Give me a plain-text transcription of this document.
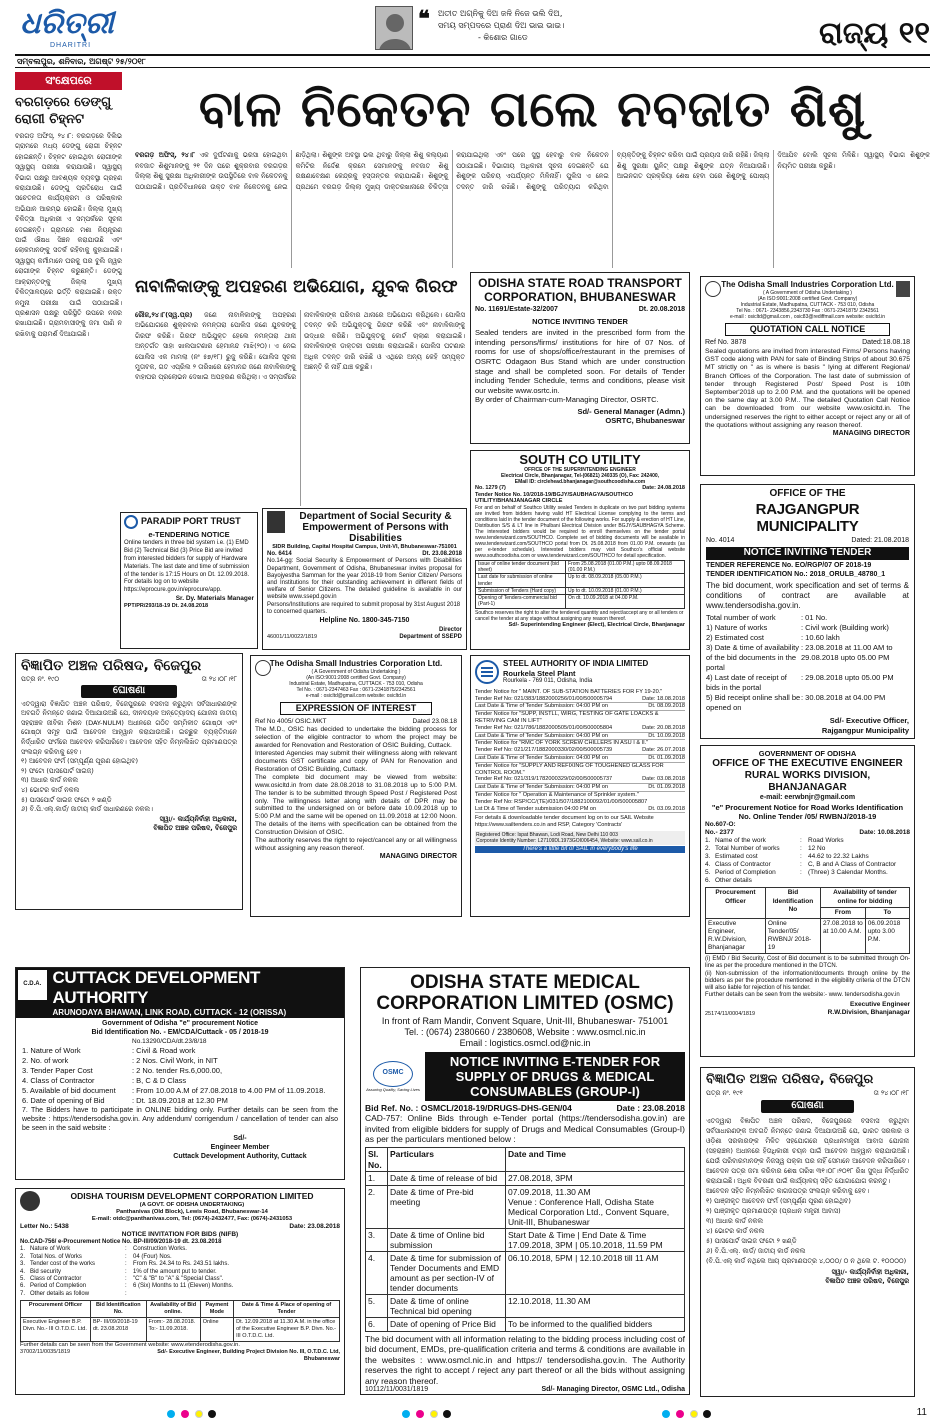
ଧରିତ୍ରୀ
DHARITRI
❝ ଅତୀତ ଅଗ୍ନିକୁ ଦିଅ ଜଳି ନିଜେ ଭଲି ଦିଅ,
ସମୟ ସମ୍ପଦରେ ପ୍ରାଣ ଦିଅ ଭାଇ ଭାଇ।
- କିଶୋର ଗାଡେ	ରାଜ୍ୟ ୧୧
ସମ୍ବଲପୁର, ଶନିବାର, ଅଗଷ୍ଟ ୨୫/୨୦୧୮
ସଂକ୍ଷେପରେ
ବରଗଡ଼ରେ ଡେଙ୍ଗୁ ରୋଗୀ ଚିହ୍ନଟ
ବରଗଡ଼ ଅଫିସ୍, ୨୪।୮: ବରଗଡ଼ରେ ଦିଲିଭ ଗ୍ରାମରେ ମଧ୍ୟ ଡେଙ୍ଗୁ ରୋଗୀ ଚିହ୍ନଟ ହୋଇଛନ୍ତି। ଚିହ୍ନଟ ହୋଇଥିବା ରୋଗୀଙ୍କ ସ୍ୱାସ୍ଥ୍ୟ ପରୀକ୍ଷା କରାଯାଉଛି। ସ୍ୱାସ୍ଥ୍ୟ ବିଭାଗ ପକ୍ଷରୁ ଆବଶ୍ୟକ ବ୍ୟବସ୍ଥା ଗ୍ରହଣ କରାଯାଉଛି। ଡେଙ୍ଗୁ ପ୍ରତିରୋଧ ପାଇଁ ସଚେତନତା କାର୍ଯ୍ୟକ୍ରମ ଓ ପରିଷ୍କାର ଅଭିଯାନ ଆରମ୍ଭ ହୋଇଛି। ଜିଲ୍ଲା ମୁଖ୍ୟ ଚିକିତ୍ସା ଅଧିକାରୀ ଏ ସମ୍ପର୍କରେ ସୂଚନା ଦେଇଛନ୍ତି। ଗ୍ରାମରେ ମଶା ନିୟନ୍ତ୍ରଣ ପାଇଁ ଔଷଧ ସିଞ୍ଚନ କରାଯାଉଛି ଏବଂ ଲୋକମାନଙ୍କୁ ସତର୍କ ରହିବାକୁ କୁହାଯାଇଛି। ସ୍ୱାସ୍ଥ୍ୟ କର୍ମୀମାନେ ଘରକୁ ଘର ବୁଲି ଜ୍ୱର ରୋଗୀଙ୍କ ଚିହ୍ନଟ କରୁଛନ୍ତି। ଡେଙ୍ଗୁ ଆକ୍ରାନ୍ତଙ୍କୁ ଜିଲ୍ଲା ମୁଖ୍ୟ ଚିକିତ୍ସାଳୟରେ ଭର୍ତ୍ତି କରାଯାଇଛି। ରକ୍ତ ନମୁନା ପରୀକ୍ଷା ପାଇଁ ପଠାଯାଇଛି। ପ୍ରଶାସନ ପକ୍ଷରୁ ପରିସ୍ଥିତି ଉପରେ ନଜର ରଖାଯାଇଛି। ଗ୍ରାମବାସୀଙ୍କୁ ଜମା ପାଣି ନ ରଖିବାକୁ ପରାମର୍ଶ ଦିଆଯାଇଛି।
ବାଳ ନିକେତନ ଗଲେ ନବଜାତ ଶିଶୁ
ବରଗଡ଼ ଅଫିସ୍, ୨୪।୮ ଏକ ଦୁର୍ଘଟଣାକୁ ଭରସା ହୋଇଥିବା ନବଜାତ ଶିଶୁମାନଙ୍କୁ ୨୧ ଦିନ ପରେ ଶୁକ୍ରବାର ବରଗଡ଼ର ଜିଲ୍ଲା ଶିଶୁ ସୁରକ୍ଷା ଅଧିକାରୀଙ୍କ ଉପସ୍ଥିତିରେ ବାଳ ନିକେତନକୁ ପଠାଯାଇଛି। ପ୍ରତିବିଧାନରେ ଉକ୍ତ ବାଳ ନିକେତନକୁ ନେଇ ଛାଡ଼ିଥିଲା। ଶିଶୁଙ୍କ ଅବସ୍ଥା ଭଲ ଥିବାରୁ ଜିଲ୍ଲା ଶିଶୁ କଲ୍ୟାଣ କମିଟିର ନିର୍ଦ୍ଦେଶ କ୍ରମେ ସେମାନଙ୍କୁ ନବଜାତ ଶିଶୁ ରକ୍ଷଣାବେକ୍ଷଣ କେନ୍ଦ୍ରକୁ ହସ୍ତାନ୍ତର କରାଯାଇଛି। ଶିଶୁଙ୍କୁ ପ୍ରଥମେ ବରଗଡ଼ ଜିଲ୍ଲା ମୁଖ୍ୟ ଡାକ୍ତରଖାନାରେ ଚିକିତ୍ସା କରାଯାଇଥିଲା ଏବଂ ପରେ ସୁସ୍ଥ ହେବାରୁ ବାଳ ନିକେତନ ପଠାଯାଇଛି। ବିଭାଗୀୟ ଅଧିକାରୀ ସୂଚନା ଦେଇଛନ୍ତି ଯେ ଶିଶୁଙ୍କ ପରିଚୟ ଏପର୍ଯ୍ୟନ୍ତ ମିଳିନାହିଁ। ପୁଲିସ ଏ ନେଇ ତଦନ୍ତ ଜାରି ରଖିଛି। ଶିଶୁଙ୍କୁ ପରିତ୍ୟାଗ କରିଥିବା ବ୍ୟକ୍ତିଙ୍କୁ ଚିହ୍ନଟ କରିବା ପାଇଁ ପ୍ରୟାସ ଜାରି ରହିଛି। ଜିଲ୍ଲା ଶିଶୁ ସୁରକ୍ଷା ୟୁନିଟ୍ ପକ୍ଷରୁ ଶିଶୁଙ୍କ ଯତ୍ନ ନିଆଯାଉଛି। ଆଇନଗତ ପ୍ରକ୍ରିୟା ଶେଷ ହେବା ପରେ ଶିଶୁଙ୍କୁ ପୋଷ୍ୟ ଦିଆଯିବ ବୋଲି ସୂଚନା ମିଳିଛି। ସ୍ୱାସ୍ଥ୍ୟ ବିଭାଗ ଶିଶୁଙ୍କ ନିୟମିତ ପରୀକ୍ଷା କରୁଛି।
ନାବାଳିକାଙ୍କୁ ଅପହରଣ ଅଭିଯୋଗ, ଯୁବକ ଗିରଫ
ରୌଜ,୨୪।୮(ସ୍ୱ.ପ୍ର) ଜଣେ ନାବାଳିକାଙ୍କୁ ଅପହରଣ ଅଭିଯୋଗରେ ଶୁକ୍ରବାର ନମନ୍ତାରା ପୋଲିସ ଜଣେ ଯୁବକଙ୍କୁ ଗିରଫ କରିଛି। ଗିରଫ ଅଭିଯୁକ୍ତ ହେଲେ ନମନ୍ତାରା ଥାନା ଅନ୍ତର୍ଗତ ସାହା ଖାଲପାଟଣାର ହେମାନନ୍ଦ ମାଝି(୨୦)। ଏ ନେଇ ପୋଲିସ ଏକ ମାମଲା (ନଂ ୫୭/୧୮) ରୁଜୁ କରିଛି। ପୋଲିସ ସୂଚନା ମୁତାବକ, ଗତ ଏପ୍ରିଲ ୨ ତାରିଖରେ ହେମାନନ୍ଦ ଜଣେ ନାବାଳିକାଙ୍କୁ ବାହାଘର ପ୍ରଲୋଭନ ଦେଖାଇ ଅପହରଣ କରିଥିଲା। ଏ ସମ୍ପର୍କରେ ନାବାଳିକାଙ୍କ ପରିବାର ଥାନାରେ ଅଭିଯୋଗ କରିଥିଲେ। ପୋଲିସ ତଦନ୍ତ କରି ଅଭିଯୁକ୍ତକୁ ଗିରଫ କରିଛି ଏବଂ ନାବାଳିକାଙ୍କୁ ଉଦ୍ଧାର କରିଛି। ଅଭିଯୁକ୍ତକୁ କୋର୍ଟ ଚାଲାଣ କରାଯାଇଛି। ନାବାଳିକାଙ୍କ ଡାକ୍ତରୀ ପରୀକ୍ଷା କରାଯାଇଛି। ପୋଲିସ ଘଟଣାର ଅଧିକ ତଦନ୍ତ ଜାରି ରଖିଛି ଓ ଏଥିରେ ଅନ୍ୟ କେହି ସମ୍ପୃକ୍ତ ଅଛନ୍ତି କି ନାହିଁ ଯାଞ୍ଚ କରୁଛି।
ODISHA STATE ROAD TRANSPORT CORPORATION, BHUBANESWAR
No. 11691/Estate-32/2007	Dt. 20.08.2018
NOTICE INVITING TENDER
Sealed tenders are invited in the prescribed form from the intending persons/firms/ institutions for hire of 07 Nos. of rooms for use of shops/office/restaurant in the premises of OSRTC Odagaon Bus Stand which are under construction stage and shall be completed soon. For details of Tender including Tender Schedule, terms and conditions, please visit our website www.osrtc.in.
By order of Chairman-cum-Managing Director, OSRTC.
Sd/- General Manager (Admn.)
OSRTC, Bhubaneswar
The Odisha Small Industries Corporation Ltd.
( A Government of Odisha Undertaking )
(An ISO:9001:2008 certified Govt. Company)
Industrial Estate, Madhupatna, CUTTACK - 753 010, Odisha
Tel No. : 0671- 2343856,2343730 Fax : 0671-2341875/ 2342561
e-mail : osicltd@gmail.com , osic83@rediffmail.com website: osicltd.in
QUOTATION CALL NOTICE
Ref No. 3878	Dated:18.08.18
Sealed quotations are invited from interested Firms/ Persons having GST code along with PAN for sale of Binding Strips of about 30.675 MT strictly on " as is where is basis " lying at different Regional/ Branch Offices of the Corporation. The last date of submission of tender through Registered Post/ Speed Post is 10th September'2018 up to 2.00 P.M. and the quotations will be opened on the same day at 3.00 P.M.. The detailed Quotation Call Notice can be downloaded from our website www.osicltd.in. The undersigned reserves the right to either accept or reject any or all of the quotations without assigning any reason thereof.
MANAGING DIRECTOR
SOUTH CO UTILITY
OFFICE OF THE SUPERINTENDING ENGINEER
Electrical Circle, Bhanjanagar, Tel-(06821) 240335 (O), Fax: 242400,
EMail ID: circlehead.bhanjanagar@southcoodisha.com
No. 1279 (7)	Date: 24.08.2018
Tender Notice No. 10/2018-19/BGJY/SAUBHAGYA/SOUTHCO UTILITY/BHANJANAGAR CIRCLE
For and on behalf of Southco Utility sealed Tenders in duplicate on two part bidding systems are invited from bidders having valid HT Electrical License complying to the terms and conditions laid in the tender document of the following works. For supply & erection of HT Line, Distribution S/S & LT line in Phulbani Electrical Division under BGJY/SAUBHAGYA Scheme. The interested bidders would be required to enroll themselves on the tender portal www.tenderwizard.com/SOUTHCO. Complete set of bidding documents will be available in www.tenderwizard.com/SOUTHCO portal from Dt. 25.08.2018 from 01.00 P.M. onwards (as per e-tender schedule). Interested bidders may visit Southco's official website www.southcoodisha.com or www.tenderwizard.com/SOUTHCO for detail specification.
Issue of online tender document (bid sheet)	From 25.08.2018 (01.00 P.M.) upto 08.09.2018 (01.00 P.M.)
Last date for submission of online tender	Up to dt. 08.09.2018 (05.00 P.M.)
Submission of Tenders (Hard copy)	Up to dt. 10.09.2018 (01.00 P.M.)
Opening of Tenders-commercial bid (Part-1)	On dt. 10.09.2018 at 04.00 P.M.
Southco reserves the right to alter the tendered quantity and reject/accept any or all tenders or cancel the tender at any stage without assigning any reason thereof.
Sd/- Superintending Engineer (Elect), Electrical Circle, Bhanjanagar
OFFICE OF THE
RAJGANGPUR MUNICIPALITY
No. 4014	Dated: 21.08.2018
NOTICE INVITING TENDER
TENDER REFERENCE No. EO/RGP/07 OF 2018-19
TENDER IDENTIFICATION No.: 2018_ORULB_48780_1
The bid document, work specification and set of terms & conditions of contract are available at www.tendersodisha.gov.in.
Total number of work	: 01 No.
1) Nature of works	: Civil work (Building work)
2) Estimated cost	: 10.60 lakh
3) Date & time of availability of the bid documents in the portal
: 23.08.2018 at 11.00 AM to 29.08.2018 upto 05.00 PM
4) Last date of receipt of bids in the portal
: 29.08.2018 upto 05.00 PM
5) Bid receipt online shall be opened on
: 30.08.2018 at 04.00 PM
Sd/- Executive Officer,
Rajgangpur Municipality
PARADIP PORT TRUST
e-TENDERING NOTICE
Online tenders in three bid system i.e. (1) EMD Bid (2) Technical Bid (3) Price Bid are invited from interested bidders for supply of Hardware Materials. The last date and time of submission of the tender is 17:15 Hours on Dt. 12.09.2018. For details log on to website https://eprocure.gov.in/eprocure/app.
Sr. Dy. Materials Manager
PPT/PR/293/18-19 Dt. 24.08.2018
Department of Social Security & Empowerment of Persons with Disabilities
SIDR Building, Capital Hospital Campus, Unit-VI, Bhubaneswar-751001
No. 6414	Dt. 23.08.2018
No.14-gg: Social Security & Empowerment of Persons with Disabilities Department, Government of Odisha, Bhubaneswar invites proposal for Bayojyestha Samman for the year 2018-19 from Senior Citizen/ Persons and Institutions for their outstanding achievement in different fields of welfare of Senior Citizens. The detailed guideline is available in our website www.ssepd.gov.in
Persons/Institutions are required to submit proposal by 31st August 2018 to concerned quarters.
Helpline No. 1800-345-7150
46001/11/0022/1819
Director
Department of SSEPD
ବିଜ୍ଞାପିତ ଅଞ୍ଚଳ ପରିଷଦ, ବିଜେପୁର
ପତ୍ର ନଂ. ୧୯୦	ତା ୨୪।୦୮।୧୮
ଘୋଷଣା
ଏତଦ୍ୱାରା ବିଜ୍ଞାପିତ ଅଞ୍ଚଳ ପରିଷଦ, ବିଜେପୁରରେ ବସବାସ କରୁଥିବା ସର୍ବସାଧାରଣଙ୍କ ଅବଗତି ନିମନ୍ତେ ଜଣାଇ ଦିଆଯାଉଅଛି ଯେ, ଦୀନଦୟାଳ ଅନ୍ତ୍ୟୋଦୟ ଯୋଜନା ଜାତୀୟ ସହରାଞ୍ଚଳ ଜୀବିକା ମିଶନ (DAY-NULM) ଅଧୀନରେ ଗଠିତ ସମ୍ମିଳୀତ ଗୋଷ୍ଠୀ ଏବଂ ଗୋଷ୍ଠୀ ସମୂହ ପାଇଁ ଆବେଦନ ଆହ୍ୱାନ କରାଯାଉଅଛି। ଇଚ୍ଛୁକ ବ୍ୟକ୍ତିମାନେ ନିର୍ଦ୍ଧାରିତ ଫର୍ମରେ ଆବେଦନ କରିପାରିବେ। ଆବେଦନ ସହିତ ନିମ୍ନଲିଖିତ ପ୍ରମାଣପତ୍ର ସଂଲଗ୍ନ କରିବାକୁ ହେବ।
୧) ଆବେଦନ ଫର୍ମ (ସମ୍ପୂର୍ଣ୍ଣ ପୂରଣ ହୋଇଥିବ)
୨) ଫଟୋ (ପାସପୋର୍ଟ ସାଇଜ୍)
୩) ଆଧାର କାର୍ଡ ନକଲ
୪) ଭୋଟର କାର୍ଡ ନକଲ
୫) ପାସପୋର୍ଟ ସାଇଜ ଫଟୋ ୨ ଖଣ୍ଡି
୬) ବି.ପି.ଏଲ୍.କାର୍ଡ/ ଜାତୀୟ କାର୍ଡ ସାଧାରଣରେ ନକଲ।
ସ୍ୱା/- କାର୍ଯ୍ୟନିର୍ବାହୀ ଅଧିକାରୀ,
ବିଜ୍ଞାପିତ ଅଞ୍ଚଳ ପରିଷଦ, ବିଜେପୁର
The Odisha Small Industries Corporation Ltd.
( A Government of Odisha Undertaking )
(An ISO:9001:2008 certified Govt. Company)
Industrial Estate, Madhupatna, CUTTACK - 753 010, Odisha
Tel No. : 0671-2347463 Fax : 0671-2341875/2342561
e-mail : osicltd@gmail.com website: osicltd.in
EXPRESSION OF INTEREST
Ref No 4005/ OSIC.MKT	Dated 23.08.18
The M.D., OSIC has decided to undertake the bidding process for selection of the eligible contractor to whom the project may be awarded for Renovation and Restoration of OSIC Building, Cuttack.
Interested Agencies may submit their willingness along with relevant documents GST certificate and copy of PAN for Renovation and Restoration of OSIC Building, Cuttack.
The complete bid document may be viewed from website: www.osicltd.in from date 28.08.2018 to 31.08.2018 up to 5:00 P.M. The tender is to be submitted through Speed Post / Registered Post only. The willingness letter along with details of DPR may be submitted to the undersigned on or before date 10.09.2018 up to 5:00 P.M and the same will be opened on 11.09.2018 at 12:00 Noon. The details of the items with specification can be obtained from the Construction Division of OSIC.
The authority reserves the right to reject/cancel any or all willingness without assigning any reason thereof.
MANAGING DIRECTOR
STEEL AUTHORITY OF INDIA LIMITED
Rourkela Steel Plant
Rourkela - 769 011, Odisha, India
Tender Notice for " MAINT. OF SUB-STATION BATTERIES FOR FY 19-20."
Tender Ref No: 021/383/1882000256/01/00/500005794	Date: 18.08.2018
Last Date & Time of Tender Submission: 04:00 PM on	Dt. 08.09.2018
Tender Notice for "SUPP, INSTLL, WIRG, TESTING OF GATE LOACKS & RETRIVING CAM IN LIFT"
Tender Ref No: 021/786/1882000505/01/00/500005804	Date: 20.08.2018
Last Date & Time of Tender Submission: 04:00 PM on	Dt. 10.09.2018
Tender Notice for "RMC OF YORK SCREW CHILLERS IN ASU I & II."
Tender Ref No: 021/217/1882000330/02/00/500005739	Date: 26.07.2018
Last Date & Time of Tender Submission: 04:00 PM on	Dt. 01.09.2018
Tender Notice for "SUPPLY AND REFIXING OF TOUGHENED GLASS FOR CONTROL ROOM."
Tender Ref No: 021/319/1782000329/02/00/500005737	Date: 03.08.2018
Last Date & Time of Tender Submission: 04:00 PM on	Dt. 01.09.2018
Tender Notice for " Operation & Maintenance of Sprinkler system."
Tender Ref No: RSP/CC/(TE)/031/507/1882100092/01/00/500005807
Lst Dt & Time of Tender submission 04:00 PM on	Dt. 03.09.2018
For details & downloadable tender document log on to our SAIL Website https://www.sailtenders.co.in and RSP, Category 'Contracts'
Registered Office: Ispat Bhawan, Lodi Road, New Delhi 110 003
Corporate Identity Number: L27109DL1973GOI006454, Website: www.sail.co.in
There's a little bit of SAIL in everybody's life
GOVERNMENT OF ODISHA
OFFICE OF THE EXECUTIVE ENGINEER RURAL WORKS DIVISION, BHANJANAGAR
e-mail: eerwbnjr@gmail.com
"e" Procurement Notice for Road Works Identification No. Online Tender /05/ RWBNJ/2018-19
No.607-O:
No.- 2377	Date: 10.08.2018
1. Name of the work	: Road Works
2. Total Number of works	: 12 No
3. Estimated cost	: 44.62 to 22.32 Lakhs
4. Class of Contractor	: C, B and A Class of Contractor
5. Period of Completion	: (Three) 3 Calendar Months.
6. Other details
Procurement Officer	Bid Identification No	Availability of tender online for bidding	
		From	To
Executive Engineer, R.W.Division, Bhanjanagar	Online Tender/05/ RWBNJ/ 2018-19	27.08.2018 to at 10.00 A.M.	06.09.2018 upto 3.00 P.M.
(i) EMD / Bid Security, Cost of Bid document is to be submitted through On-line as per the procedure mentioned in the DTCN.
(ii) Non-submission of the information/documents through online by the bidders as per the procedure mentioned in the eligibility criteria of the DTCN will also liable for rejection of his tender.
Further details can be seen from the website:- www. tendersodisha.gov.in
25174/11/0004/1819
Executive Engineer
R.W.Division, Bhanjanagar
C.D.A. CUTTACK DEVELOPMENT AUTHORITY
ARUNODAYA BHAWAN, LINK ROAD, CUTTACK - 12 (ORISSA)
Government of Odisha "e" procurement Notice
Bid Identification No. - EM/CDA/Cuttack - 05 / 2018-19
No.13290/CDA/dt.23/8/18
1. Nature of Work	: Civil & Road work
2. No. of work	: 2 Nos. Civil Work, in NIT
3. Tender Paper Cost	: 2 No. tender Rs.6,000.00,
4. Class of Contractor	: B, C & D Class
5. Available of bid document	: From 10.00 A.M of 27.08.2018 to 4.00 PM of 11.09.2018.
6. Date of opening of Bid	: Dt. 18.09.2018 at 12.30 PM
7. The Bidders have to participate in ONLINE bidding only. Further details can be seen from the website : https://tendersodisha.gov.in. Any addendum/ corrigendum / cancellation of tender can also be seen in the said website :
Sd/-
Engineer Member
Cuttack Development Authority, Cuttack
ODISHA TOURISM DEVELOPMENT CORPORATION LIMITED
(A GOVT. OF ODISHA UNDERTAKING)
Panthanivas (Old Block), Lewis Road, Bhubaneswar-14
E-mail: otdc@panthanivas.com, Tel: (0674)-2432477, Fax: (0674)-2431053
Letter No.: 5438	Date: 23.08.2018
NOTICE INVITATION FOR BIDS (NIFB)
No.CAD-756/ e-Procurement Notice No. BP-III/09/2018-19 dt. 23.08.2018
1. Nature of Work	:	Construction Works.
2. Total Nos. of Works	:	04 (Four) Nos.
3. Tender cost of the works	:	From Rs. 24.34 to Rs. 243.51 lakhs.
4. Bid security	:	1% of the amount put to tender.
5. Class of Contractor	:	"C" & "B" to "A" & "Special Class".
6. Period of Completion	:	6 (Six) Months to 11 (Eleven) Months.
7. Other details as follow	:
Procurement Officer	Bid Identification No.	Availability of Bid online.	Payment Mode	Date & Time & Place of opening of Tender
Executive Engineer B.P. Divn. No.- III O.T.D.C. Ltd.	BP- III/09/2018-19 dt. 23.08.2018	From:- 28.08.2018. To:- 11.09.2018.	Online	Dt. 12.09.2018 at 11.30 A.M. in the office of the Executive Engineer B.P. Divn. No.- III O.T.D.C. Ltd.
Further details can be seen from the Government website: www.etenderodisha.gov.in.
37002/11/0035/1819	Sd/- Executive Engineer, Building Project Division No. III, O.T.D.C. Ltd, Bhubaneswar
ODISHA STATE MEDICAL CORPORATION LIMITED (OSMC)
In front of Ram Mandir, Convent Square, Unit-III, Bhubaneswar- 751001
Tel. : (0674) 2380660 / 2380608, Website : www.osmcl.nic.in
Email : logistics.osmcl.od@nic.in
OSMC
Assuring Quality, Saving Lives
NOTICE INVITING E-TENDER FOR SUPPLY OF DRUGS & MEDICAL CONSUMABLES (GROUP-I)
Bid Ref. No. : OSMCL/2018-19/DRUGS-DHS-GEN/04	Date : 23.08.2018
CAD-757: Online Bids through e-Tender portal (https://tendersodisha.gov.in) are invited from eligible bidders for supply of Drugs and Medical Consumables (Group-I) as per the particulars mentioned below :
Sl. No.	Particulars	Date and Time
1.	Date & time of release of bid	27.08.2018, 3PM
2.	Date & time of Pre-bid meeting	07.09.2018, 11.30 AM
Venue : Conference Hall, Odisha State Medical Corporation Ltd., Convent Square, Unit-III, Bhubaneswar
3.	Date & time of Online bid submission	Start Date & Time | End Date & Time
17.09.2018, 3PM | 05.10.2018, 11.59 PM
4.	Date & time for submission of Tender Documents and EMD amount as per section-IV of tender documents	06.10.2018, 5PM | 12.10.2018 till 11 AM
5.	Date & time of online Technical bid opening	12.10.2018, 11.30 AM
6.	Date of opening of Price Bid	To be informed to the qualified bidders
The bid document with all information relating to the bidding process including cost of bid document, EMDs, pre-qualification criteria and terms & conditions are available in the websites : www.osmcl.nic.in and https:// tendersodisha.gov.in. The Authority reserves the right to accept / reject any part thereof or all the bids without assigning any reason thereof.
10112/11/0031/1819	Sd/- Managing Director, OSMC Ltd., Odisha
ବିଜ୍ଞାପିତ ଅଞ୍ଚଳ ପରିଷଦ, ବିଜେପୁର
ପତ୍ର ନଂ. ୧୯୧	ତା ୨୪।୦୮।୧୮
ଘୋଷଣା
ଏତଦ୍ୱାରା ବିଜ୍ଞାପିତ ଅଞ୍ଚଳ ପରିଷଦ, ବିଜେପୁରରେ ବସବାସ କରୁଥିବା ସର୍ବସାଧାରଣଙ୍କ ଅବଗତି ନିମନ୍ତେ ଜଣାଇ ଦିଆଯାଉଅଛି ଯେ, ଭାରତ ସରକାର ଓ ଓଡ଼ିଶା ସରକାରଙ୍କ ମିଳିତ ସହଯୋଗରେ ପ୍ରଧାନମନ୍ତ୍ରୀ ଆବାସ ଯୋଜନା (ସହରାଞ୍ଚଳ) ଅଧୀନରେ ହିତାଧିକାରୀ ଚୟନ ପାଇଁ ଆବେଦନ ଆହ୍ୱାନ କରାଯାଉଅଛି। ଯେଉଁ ପରିବାରମାନଙ୍କ ନିଜସ୍ୱ ପକ୍କା ଘର ନାହିଁ ସେମାନେ ଆବେଦନ କରିପାରିବେ। ଆବେଦନ ପତ୍ର ଜମା କରିବାର ଶେଷ ତାରିଖ ୩୧।୦୮।୨୦୧୮ ରିଖ ସୁଦ୍ଧା ନିର୍ଦ୍ଧାରିତ କରାଯାଇଛି। ଅଧିକ ବିବରଣୀ ପାଇଁ କାର୍ଯ୍ୟାଳୟ ସହିତ ଯୋଗାଯୋଗ କରନ୍ତୁ।
ଆବେଦନ ସହିତ ନିମ୍ନଲିଖିତ କାଗଜପତ୍ର ସଂଲଗ୍ନ କରିବାକୁ ହେବ।
୧) ପାଞ୍ଜୀକୃତ ଆବେଦନ ଫର୍ମ (ସମ୍ପୂର୍ଣ୍ଣ ପୂରଣ ହୋଇଥିବ)
୨) ପାଞ୍ଜୀକୃତ ପ୍ରମାଣପତ୍ର (ପ୍ରଧାନ ମନ୍ତ୍ରୀ ଆବାସ)
୩) ଆଧାର କାର୍ଡ ନକଲ
୪) ଭୋଟର କାର୍ଡ ନକଲ
୫) ପାସପୋର୍ଟ ସାଇଜ ଫଟୋ ୨ ଖଣ୍ଡି
୬) ବି.ପି.ଏଲ୍. କାର୍ଡ/ ଜାତୀୟ କାର୍ଡ ନକଲ
(ବି.ପି.ଏଲ୍ କାର୍ଡ ନଥିଲେ ଆୟ ପ୍ରମାଣପତ୍ର ୪,୦୦୦/ ୦ ନ ଥିଲେ ଟ. ୧୦୦୦୦)
ସ୍ୱା/- କାର୍ଯ୍ୟନିର୍ବାହୀ ଅଧିକାରୀ,
ବିଜ୍ଞାପିତ ଅଞ୍ଚଳ ପରିଷଦ, ବିଜେପୁର

11
